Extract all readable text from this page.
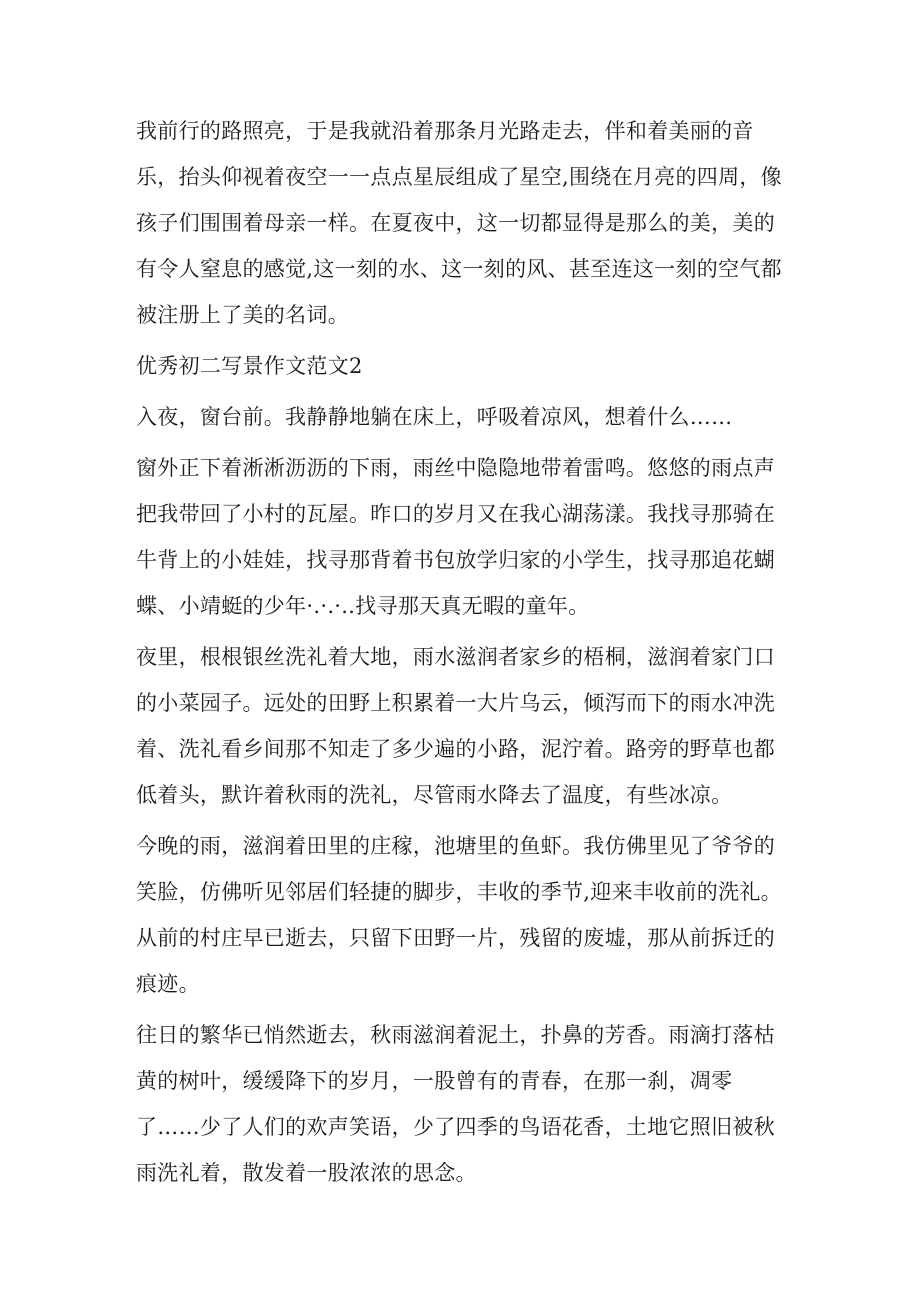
我前行的路照亮，于是我就沿着那条月光路走去，伴和着美丽的音乐，抬头仰视着夜空一一点点星辰组成了星空,围绕在月亮的四周，像孩子们围围着母亲一样。在夏夜中，这一切都显得是那么的美，美的有令人窒息的感觉,这一刻的水、这一刻的风、甚至连这一刻的空气都被注册上了美的名词。

优秀初二写景作文范文2

入夜，窗台前。我静静地躺在床上，呼吸着凉风，想着什么……

窗外正下着淅淅沥沥的下雨，雨丝中隐隐地带着雷鸣。悠悠的雨点声把我带回了小村的瓦屋。昨口的岁月又在我心湖荡漾。我找寻那骑在牛背上的小娃娃，找寻那背着书包放学归家的小学生，找寻那追花蝴蝶、小靖蜓的少年·.·.·..找寻那天真无暇的童年。

夜里，根根银丝洗礼着大地，雨水滋润者家乡的梧桐，滋润着家门口的小菜园子。远处的田野上积累着一大片乌云，倾泻而下的雨水冲洗着、洗礼看乡间那不知走了多少遍的小路，泥泞着。路旁的野草也都低着头，默许着秋雨的洗礼，尽管雨水降去了温度，有些冰凉。

今晚的雨，滋润着田里的庄稼，池塘里的鱼虾。我仿佛里见了爷爷的笑脸，仿佛听见邻居们轻捷的脚步，丰收的季节,迎来丰收前的洗礼。从前的村庄早已逝去，只留下田野一片，残留的废墟，那从前拆迁的痕迹。

往日的繁华已悄然逝去，秋雨滋润着泥土，扑鼻的芳香。雨滴打落枯黄的树叶，缓缓降下的岁月，一股曾有的青春，在那一刹，凋零了……少了人们的欢声笑语，少了四季的鸟语花香，土地它照旧被秋雨洗礼着，散发着一股浓浓的思念。
